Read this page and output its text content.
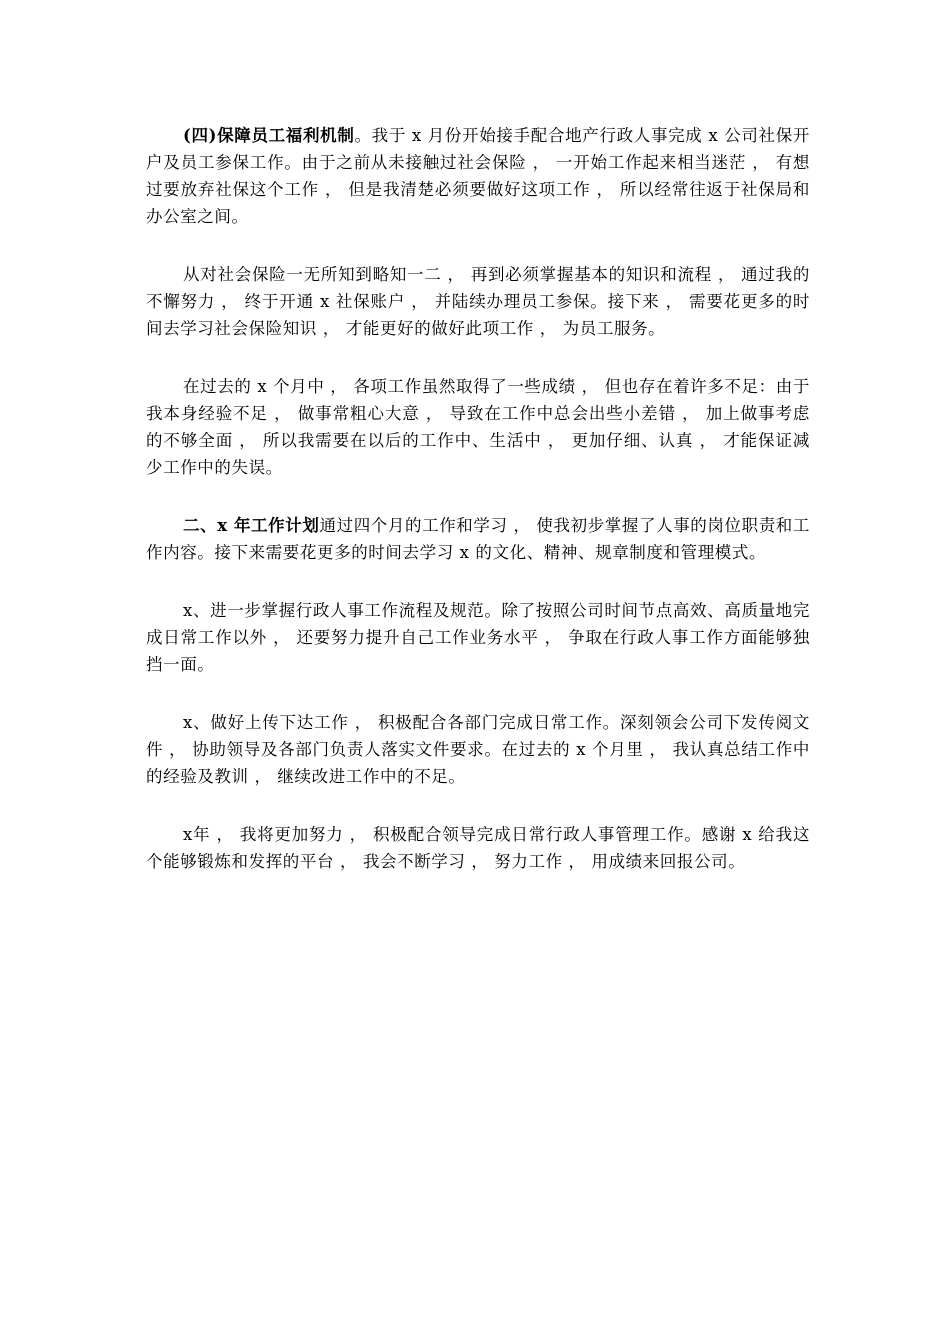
(四)保障员工福利机制。我于 x 月份开始接手配合地产行政人事完成 x 公司社保开户及员工参保工作。由于之前从未接触过社会保险 ， 一开始工作起来相当迷茫 ， 有想过要放弃社保这个工作 ， 但是我清楚必须要做好这项工作 ， 所以经常往返于社保局和办公室之间。

从对社会保险一无所知到略知一二 ， 再到必须掌握基本的知识和流程 ， 通过我的不懈努力 ， 终于开通 x 社保账户 ， 并陆续办理员工参保。接下来 ， 需要花更多的时间去学习社会保险知识 ， 才能更好的做好此项工作 ， 为员工服务。

在过去的 x 个月中 ， 各项工作虽然取得了一些成绩 ， 但也存在着许多不足：由于我本身经验不足 ， 做事常粗心大意 ， 导致在工作中总会出些小差错 ， 加上做事考虑的不够全面 ， 所以我需要在以后的工作中、生活中 ， 更加仔细、认真 ， 才能保证减少工作中的失误。

二、x 年工作计划通过四个月的工作和学习 ， 使我初步掌握了人事的岗位职责和工作内容。接下来需要花更多的时间去学习 x 的文化、精神、规章制度和管理模式。

x、进一步掌握行政人事工作流程及规范。除了按照公司时间节点高效、高质量地完成日常工作以外 ， 还要努力提升自己工作业务水平 ， 争取在行政人事工作方面能够独挡一面。

x、做好上传下达工作 ， 积极配合各部门完成日常工作。深刻领会公司下发传阅文件 ， 协助领导及各部门负责人落实文件要求。在过去的 x 个月里 ， 我认真总结工作中的经验及教训 ， 继续改进工作中的不足。

x年 ， 我将更加努力 ， 积极配合领导完成日常行政人事管理工作。感谢 x 给我这个能够锻炼和发挥的平台 ， 我会不断学习 ， 努力工作 ， 用成绩来回报公司。
